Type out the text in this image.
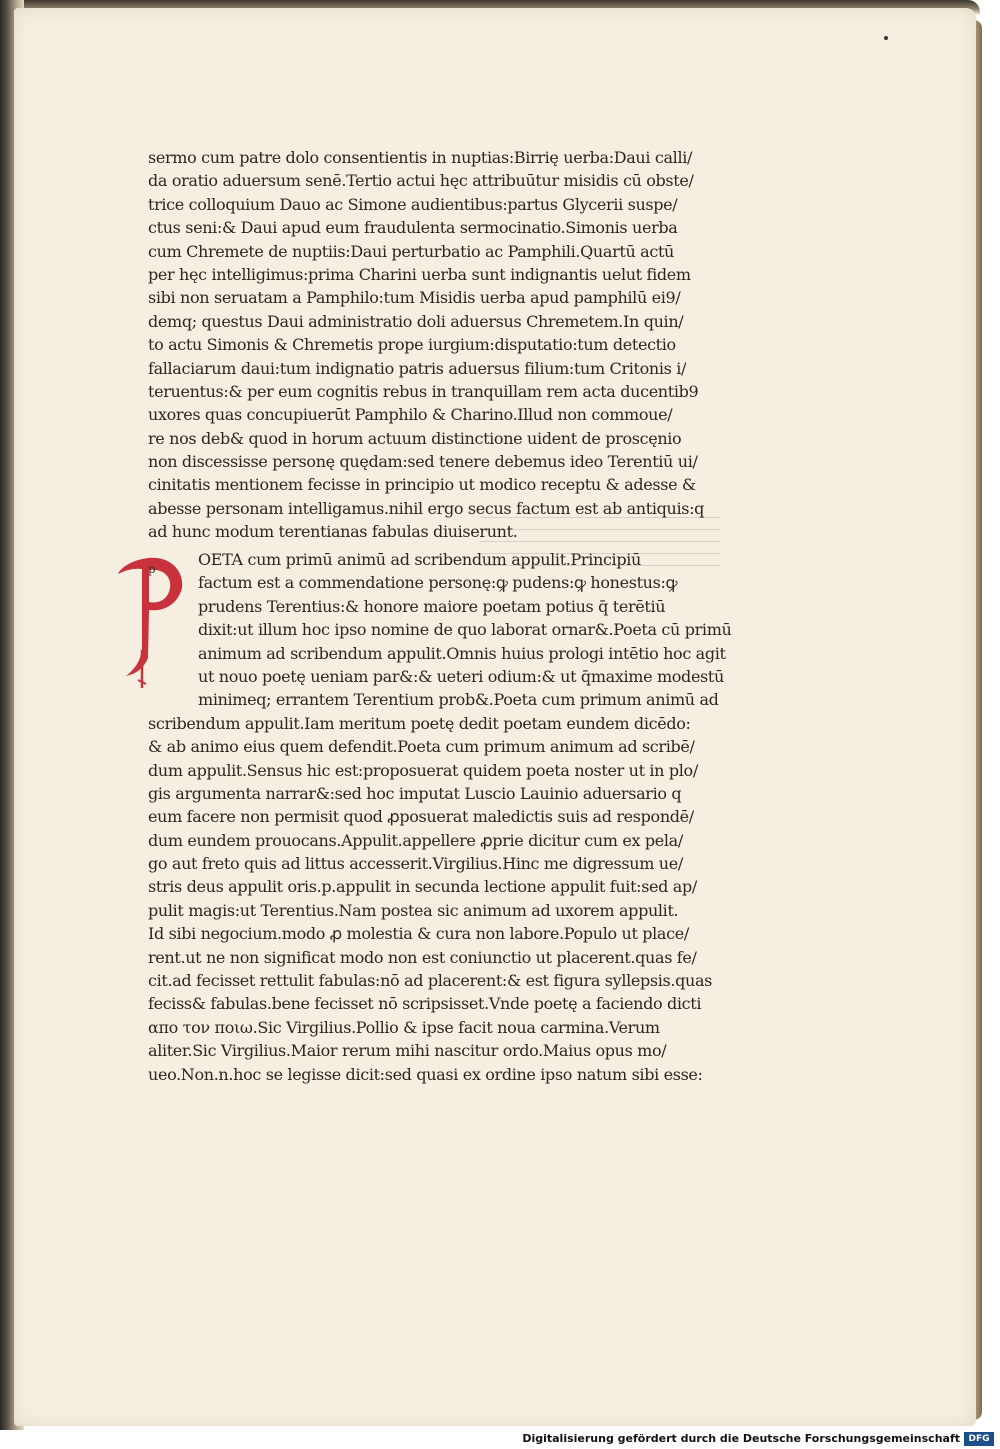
sermo cum patre dolo consentientis in nuptias:Birrię uerba:Daui calli/
da oratio aduersum senē.Tertio actui hęc attribuūtur misidis cū obste/
trice colloquium Dauo ac Simone audientibus:partus Glycerii suspe/
ctus seni:& Daui apud eum fraudulenta sermocinatio.Simonis uerba
cum Chremete de nuptiis:Daui perturbatio ac Pamphili.Quartū actū
per hęc intelligimus:prima Charini uerba sunt indignantis uelut fidem
sibi non seruatam a Pamphilo:tum Misidis uerba apud pamphilū ei9/
demq; questus Daui administratio doli aduersus Chremetem.In quin/
to actu Simonis & Chremetis prope iurgium:disputatio:tum detectio
fallaciarum daui:tum indignatio patris aduersus filium:tum Critonis i/
teruentus:& per eum cognitis rebus in tranquillam rem acta ducentib9
uxores quas concupiuerūt Pamphilo & Charino.Illud non commoue/
re nos deb& quod in horum actuum distinctione uident de proscęnio
non discessisse personę quędam:sed tenere debemus ideo Terentiū ui/
cinitatis mentionem fecisse in principio ut modico receptu & adesse &
abesse personam intelligamus.nihil ergo secus factum est ab antiquis:q
ad hunc modum terentianas fabulas diuiserunt.
p	OETA cum primū animū ad scribendum appulit.Principiū
factum est a commendatione personę:ꝙ pudens:ꝙ honestus:ꝙ
prudens Terentius:& honore maiore poetam potius q̄ terētiū
dixit:ut illum hoc ipso nomine de quo laborat ornar&.Poeta cū primū
animum ad scribendum appulit.Omnis huius prologi intētio hoc agit
ut nouo poetę ueniam par&:& ueteri odium:& ut q̄maxime modestū
minimeq; errantem Terentium prob&.Poeta cum primum animū ad
scribendum appulit.Iam meritum poetę dedit poetam eundem dicēdo:
& ab animo eius quem defendit.Poeta cum primum animum ad scribē/
dum appulit.Sensus hic est:proposuerat quidem poeta noster ut in plo/
gis argumenta narrar&:sed hoc imputat Luscio Lauinio aduersario q
eum facere non permisit quod ꝓposuerat maledictis suis ad respondē/
dum eundem prouocans.Appulit.appellere ꝓprie dicitur cum ex pela/
go aut freto quis ad littus accesserit.Virgilius.Hinc me digressum ue/
stris deus appulit oris.p.appulit in secunda lectione appulit fuit:sed ap/
pulit magis:ut Terentius.Nam postea sic animum ad uxorem appulit.
Id sibi negocium.modo ꝓ molestia & cura non labore.Populo ut place/
rent.ut ne non significat modo non est coniunctio ut placerent.quas fe/
cit.ad fecisset rettulit fabulas:nō ad placerent:& est figura syllepsis.quas
feciss& fabulas.bene fecisset nō scripsisset.Vnde poetę a faciendo dicti
απο τον ποιω.Sic Virgilius.Pollio & ipse facit noua carmina.Verum
aliter.Sic Virgilius.Maior rerum mihi nascitur ordo.Maius opus mo/
ueo.Non.n.hoc se legisse dicit:sed quasi ex ordine ipso natum sibi esse:
Digitalisierung gefördert durch die Deutsche Forschungsgemeinschaft DFG
